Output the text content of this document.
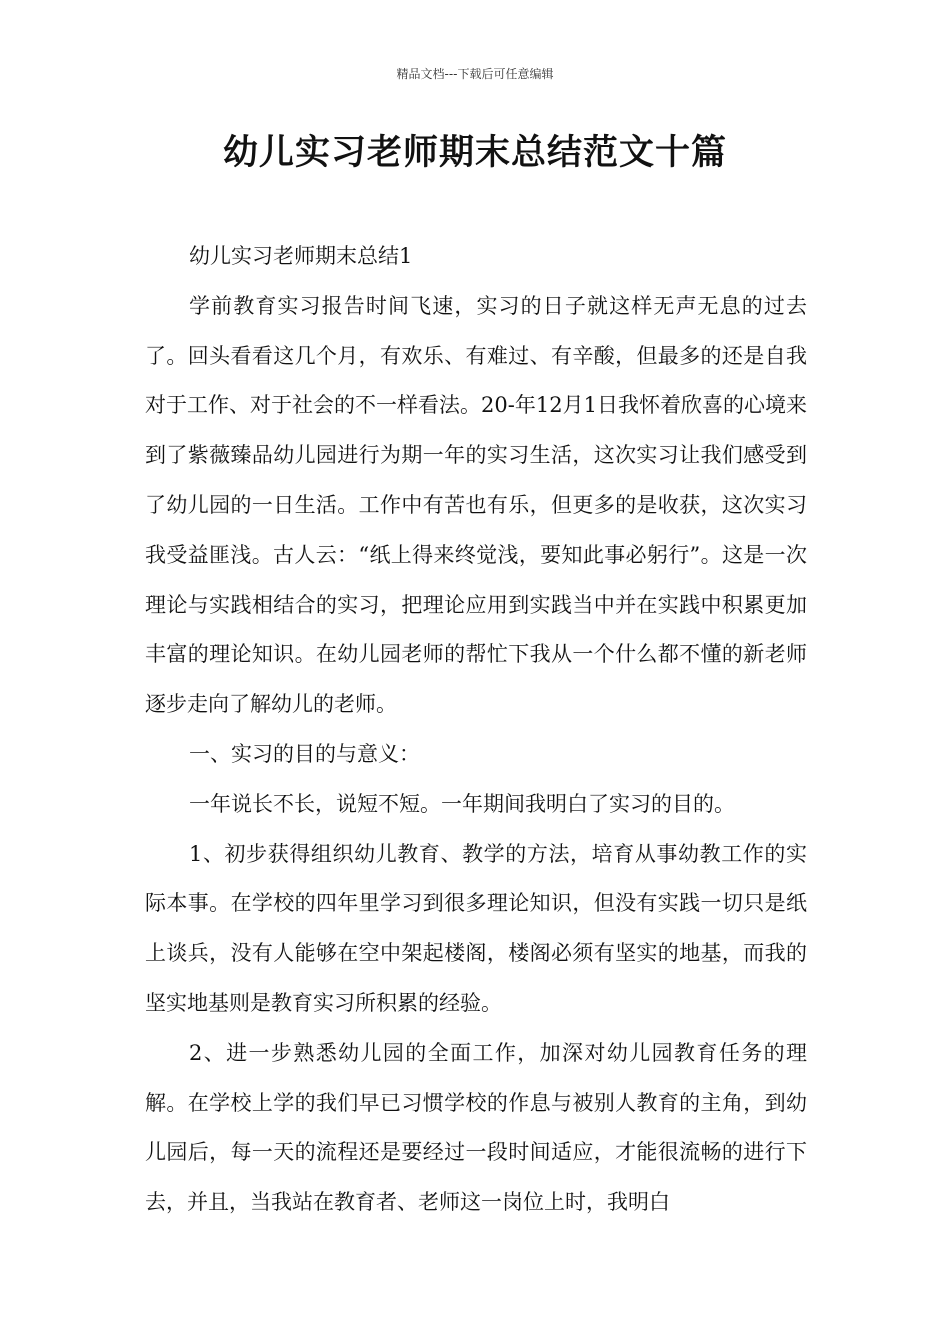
精品文档---下载后可任意编辑
幼儿实习老师期末总结范文十篇

幼儿实习老师期末总结1

学前教育实习报告时间飞速，实习的日子就这样无声无息的过去了。回头看看这几个月，有欢乐、有难过、有辛酸，但最多的还是自我对于工作、对于社会的不一样看法。20-年12月1日我怀着欣喜的心境来到了紫薇臻品幼儿园进行为期一年的实习生活，这次实习让我们感受到了幼儿园的一日生活。工作中有苦也有乐，但更多的是收获，这次实习我受益匪浅。古人云：“纸上得来终觉浅，要知此事必躬行”。这是一次理论与实践相结合的实习，把理论应用到实践当中并在实践中积累更加丰富的理论知识。在幼儿园老师的帮忙下我从一个什么都不懂的新老师逐步走向了解幼儿的老师。

一、实习的目的与意义：

一年说长不长，说短不短。一年期间我明白了实习的目的。

1、初步获得组织幼儿教育、教学的方法，培育从事幼教工作的实际本事。在学校的四年里学习到很多理论知识，但没有实践一切只是纸上谈兵，没有人能够在空中架起楼阁，楼阁必须有坚实的地基，而我的坚实地基则是教育实习所积累的经验。

2、进一步熟悉幼儿园的全面工作，加深对幼儿园教育任务的理解。在学校上学的我们早已习惯学校的作息与被别人教育的主角，到幼儿园后，每一天的流程还是要经过一段时间适应，才能很流畅的进行下去，并且，当我站在教育者、老师这一岗位上时，我明白
